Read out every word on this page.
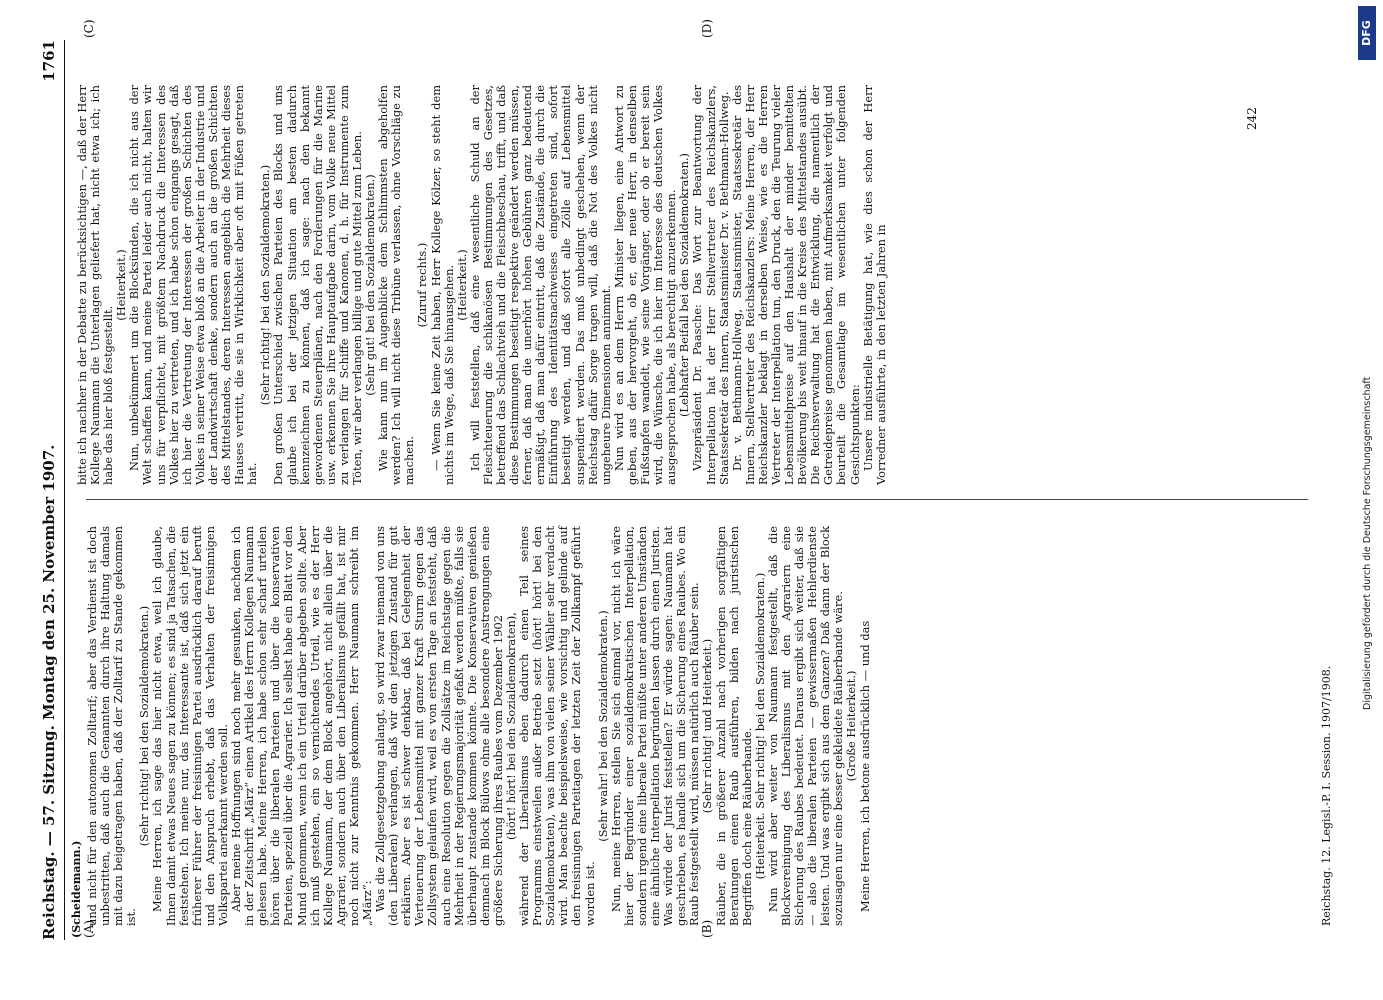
Reichstag. — 57. Sitzung. Montag den 25. November 1907.
1761
(Scheidemann.) (A)	(B)
(C)	(D)

und nicht für den autonomen Zolltarif; aber das Verdienst ist doch unbestritten, daß auch die Genannten durch ihre Haltung damals mit dazu beigetragen haben, daß der Zolltarif zu Stande gekommen ist.

(Sehr richtig! bei den Sozialdemokraten.) Meine Herren, ich sage das hier nicht etwa, weil ich glaube, Ihnen damit etwas Neues sagen zu können; es sind ja Tatsachen, die feststehen. Ich meine nur, das Interessante ist, daß sich jetzt ein früherer Führer der freisinnigen Partei ausdrücklich darauf beruft und den Anspruch erhebt, daß das Verhalten der freisinnigen Volkspartei anerkannt werden soll. Aber meine Hoffnungen sind noch mehr gesunken, nachdem ich in der Zeitschrift „März“ einen Artikel des Herrn Kollegen Naumann gelesen habe. Meine Herren, ich habe schon sehr scharf urteilen hören über die liberalen Parteien und über die konservativen Parteien, speziell über die Agrarier. Ich selbst habe ein Blatt vor den Mund genommen, wenn ich ein Urteil darüber abgeben sollte. Aber ich muß gestehen, ein so vernichtendes Urteil, wie es der Herr Kollege Naumann, der dem Block angehört, nicht allein über die Agrarier, sondern auch über den Liberalismus gefällt hat, ist mir noch nicht zur Kenntnis gekommen. Herr Naumann schreibt im „März“: Was die Zollgesetzgebung anlangt, so wird zwar niemand von uns (den Liberalen) verlangen, daß wir den jetzigen Zustand für gut erklären. Aber es ist schwer denkbar, daß bei Gelegenheit der Verteuerung der Lebensmittel mit ganzer Kraft Sturm gegen das Zollsystem gelaufen wird, weil es von ersten Tage an feststeht, daß auch eine Resolution gegen die Zollsätze im Reichstage gegen die Mehrheit in der Regierungsmajorität gefaßt werden müßte, falls sie überhaupt zustande kommen könnte. Die Konservativen genießen demnach im Block Bülows ohne alle besondere Anstrengungen eine größere Sicherung ihres Raubes vom Dezember 1902 (hört! hört! bei den Sozialdemokraten), während der Liberalismus eben dadurch einen Teil seines Programms einstweilen außer Betrieb setzt (hört! hört! bei den Sozialdemokraten), was ihm von vielen seiner Wähler sehr verdacht wird. Man beachte beispielsweise, wie vorsichtig und gelinde auf den freisinnigen Parteitagen der letzten Zeit der Zollkampf geführt worden ist.

(Sehr wahr! bei den Sozialdemokraten.) Nun, meine Herren, stellen Sie sich einmal vor, nicht ich wäre hier der Begründer einer sozialdemokratischen Interpellation, sondern irgend eine liberale Partei müßte unter anderen Umständen eine ähnliche Interpellation begründen lassen durch einen Juristen. Was würde der Jurist feststellen? Er würde sagen: Naumann hat geschrieben, es handle sich um die Sicherung eines Raubes. Wo ein Raub festgestellt wird, müssen natürlich auch Räuber sein. (Sehr richtig! und Heiterkeit.) Räuber, die in größerer Anzahl nach vorherigen sorgfältigen Beratungen einen Raub ausführen, bilden nach juristischen Begriffen doch eine Räuberbande. (Heiterkeit. Sehr richtig! bei den Sozialdemokraten.) Nun wird aber weiter von Naumann festgestellt, daß die Blockvereinigung des Liberalismus mit den Agrariern eine Sicherung des Raubes bedeutet. Daraus ergibt sich weiter, daß sie — also die liberalen Parteien — gewissermaßen Hehlerdienste leisten. Und was ergibt sich aus dem Ganzen? Daß dann der Block sozusagen nur eine besser gekleidete Räuberbande wäre. (Große Heiterkeit.) Meine Herren, ich betone ausdrücklich — und das

bitte ich nachher in der Debatte zu berücksichtigen —, daß der Herr Kollege Naumann die Unterlagen geliefert hat, nicht etwa ich; ich habe das hier bloß festgestellt.

(Heiterkeit.) Nun, unbekümmert um die Blocksünden, die ich nicht aus der Welt schaffen kann, und meine Partei leider auch nicht, halten wir uns für verpflichtet, mit größtem Nachdruck die Interessen des Volkes hier zu vertreten, und ich habe schon eingangs gesagt, daß ich hier die Vertretung der Interessen der großen Schichten des Volkes in seiner Weise etwa bloß an die Arbeiter in der Industrie und der Landwirtschaft denke, sondern auch an die großen Schichten des Mittelstandes, deren Interessen angeblich die Mehrheit dieses Hauses vertritt, die sie in Wirklichkeit aber oft mit Füßen getreten hat.

(Sehr richtig! bei den Sozialdemokraten.) Den großen Unterschied zwischen Parteien des Blocks und uns glaube ich bei der jetzigen Situation am besten dadurch kennzeichnen zu können, daß ich sage: nach den bekannt gewordenen Steuerplänen, nach den Forderungen für die Marine usw. erkennen Sie ihre Hauptaufgabe darin, vom Volke neue Mittel zu verlangen für Schiffe und Kanonen, d. h. für Instrumente zum Töten, wir aber verlangen billige und gute Mittel zum Leben. (Sehr gut! bei den Sozialdemokraten.) Wie kann nun im Augenblicke dem Schlimmsten abgeholfen werden? Ich will nicht diese Tribüne verlassen, ohne Vorschläge zu machen.

(Zuruf rechts.) — Wenn Sie keine Zeit haben, Herr Kollege Kölzer, so steht dem nichts im Wege, daß Sie hinausgehen. (Heiterkeit.) Ich will feststellen, daß eine wesentliche Schuld an der Fleischteuerung die schikanösen Bestimmungen des Gesetzes, betreffend das Schlachtvieh und die Fleischbeschau, trifft, und daß diese Bestimmungen beseitigt respektive geändert werden müssen, ferner, daß man die unerhört hohen Gebühren ganz bedeutend ermäßigt, daß man dafür eintritt, daß die Zustände, die durch die Einführung des Identitätsnachweises eingetreten sind, sofort beseitigt werden, und daß sofort alle Zölle auf Lebensmittel suspendiert werden. Das muß unbedingt geschehen, wenn der Reichstag dafür Sorge tragen will, daß die Not des Volkes nicht ungeheure Dimensionen annimmt. Nun wird es an dem Herrn Minister liegen, eine Antwort zu geben, aus der hervorgeht, ob er, der neue Herr, in denselben Fußstapfen wandelt, wie seine Vorgänger, oder ob er bereit sein wird, die Wünsche, die ich hier im Interesse des deutschen Volkes ausgesprochen habe, als berechtigt anzuerkennen. (Lebhafter Beifall bei den Sozialdemokraten.) Vizepräsident Dr. Paasche: Das Wort zur Beantwortung der Interpellation hat der Herr Stellvertreter des Reichskanzlers, Staatssekretär des Innern, Staatsminister Dr. v. Bethmann-Hollweg. Dr. v. Bethmann-Hollweg, Staatsminister, Staatssekretär des Innern, Stellvertreter des Reichskanzlers: Meine Herren, der Herr Reichskanzler beklagt in derselben Weise, wie es die Herren Vertreter der Interpellation tun, den Druck, den die Teurung vieler Lebensmittelpreise auf den Haushalt der minder bemittelten Bevölkerung bis weit hinauf in die Kreise des Mittelstandes ausübt. Die Reichsverwaltung hat die Entwicklung, die namentlich der Getreidepreise genommen haben, mit Aufmerksamkeit verfolgt und beurteilt die Gesamtlage im wesentlichen unter folgenden Gesichtspunkten: Unsere industrielle Betätigung hat, wie dies schon der Herr Vorredner ausführte, in den letzten Jahren in

242
Reichstag. 12. Legisl.-P. I. Session. 1907/1908.
Digitalisierung gefördert durch die Deutsche Forschungsgemeinschaft
DFG
